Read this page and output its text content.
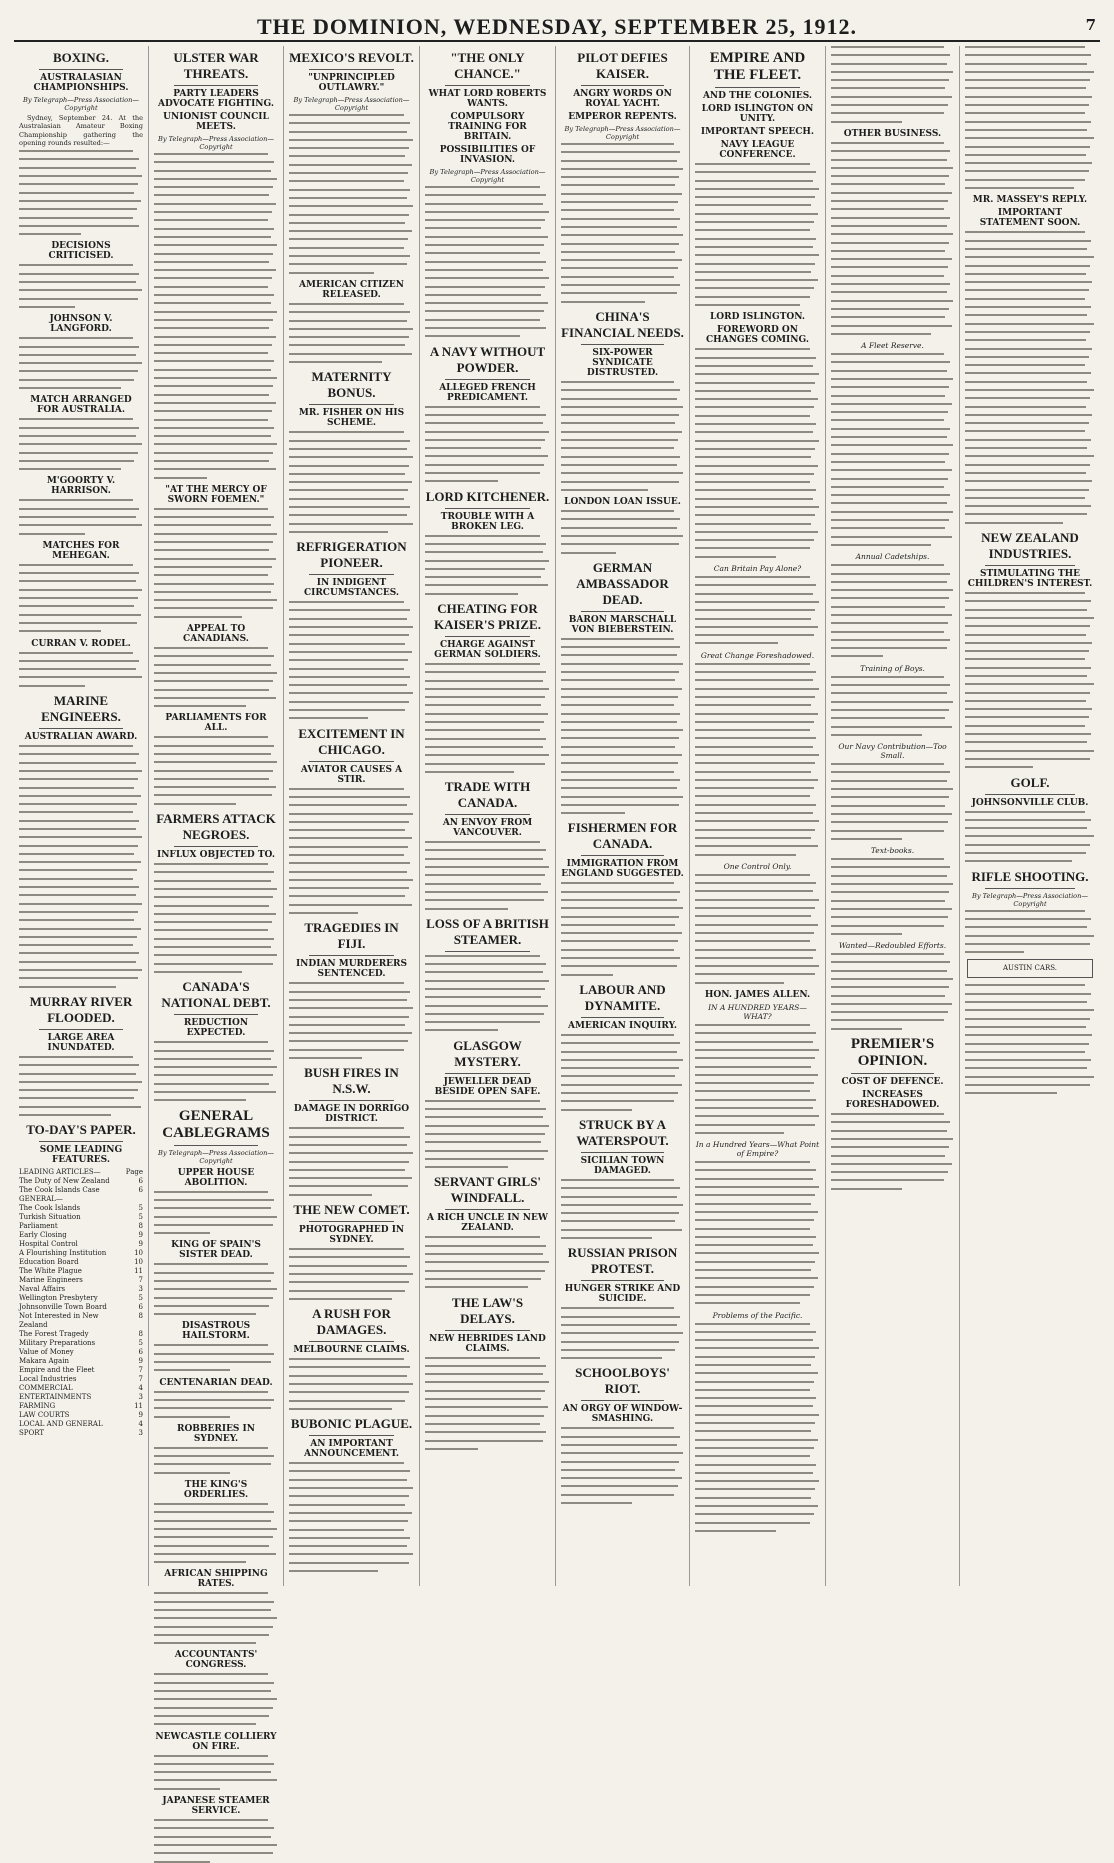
THE DOMINION, WEDNESDAY, SEPTEMBER 25, 1912.	7
BOXING.
AUSTRALASIAN CHAMPIONSHIPS.
By Telegraph—Press Association—Copyright

Sydney, September 24. At the Australasian Amateur Boxing Championship gathering the opening rounds resulted:—

DECISIONS CRITICISED.
JOHNSON V. LANGFORD.
MATCH ARRANGED FOR AUSTRALIA.
M'GOORTY V. HARRISON.
MATCHES FOR MEHEGAN.
CURRAN V. RODEL.
MARINE ENGINEERS.
AUSTRALIAN AWARD.
MURRAY RIVER FLOODED.
LARGE AREA INUNDATED.
TO-DAY'S PAPER.
SOME LEADING FEATURES.
LEADING ARTICLES—	Page
The Duty of New Zealand	6
The Cook Islands Case	6
GENERAL—
The Cook Islands	5
Turkish Situation	5
Parliament	8
Early Closing	9
Hospital Control	9
A Flourishing Institution	10
Education Board	10
The White Plague	11
Marine Engineers	7
Naval Affairs	3
Wellington Presbytery	5
Johnsonville Town Board	6
Not Interested in New Zealand
8
The Forest Tragedy	8
Military Preparations	5
Value of Money	6
Makara Again	9
Empire and the Fleet	7
Local Industries	7
COMMERCIAL	4
ENTERTAINMENTS	3
FARMING	11
LAW COURTS	9
LOCAL AND GENERAL	4
SPORT	3
ULSTER WAR THREATS.
PARTY LEADERS ADVOCATE FIGHTING.
UNIONIST COUNCIL MEETS.
By Telegraph—Press Association—Copyright
"AT THE MERCY OF SWORN FOEMEN."
APPEAL TO CANADIANS.
PARLIAMENTS FOR ALL.
FARMERS ATTACK NEGROES.
INFLUX OBJECTED TO.
CANADA'S NATIONAL DEBT.
REDUCTION EXPECTED.
GENERAL CABLEGRAMS
By Telegraph—Press Association—Copyright
UPPER HOUSE ABOLITION.
KING OF SPAIN'S SISTER DEAD.
DISASTROUS HAILSTORM.
CENTENARIAN DEAD.
ROBBERIES IN SYDNEY.
THE KING'S ORDERLIES.
AFRICAN SHIPPING RATES.
ACCOUNTANTS' CONGRESS.
NEWCASTLE COLLIERY ON FIRE.
JAPANESE STEAMER SERVICE.
MEXICO'S REVOLT.
"UNPRINCIPLED OUTLAWRY."
By Telegraph—Press Association—Copyright
AMERICAN CITIZEN RELEASED.
MATERNITY BONUS.
MR. FISHER ON HIS SCHEME.
REFRIGERATION PIONEER.
IN INDIGENT CIRCUMSTANCES.
EXCITEMENT IN CHICAGO.
AVIATOR CAUSES A STIR.
TRAGEDIES IN FIJI.
INDIAN MURDERERS SENTENCED.
BUSH FIRES IN N.S.W.
DAMAGE IN DORRIGO DISTRICT.
THE NEW COMET.
PHOTOGRAPHED IN SYDNEY.
A RUSH FOR DAMAGES.
MELBOURNE CLAIMS.
BUBONIC PLAGUE.
AN IMPORTANT ANNOUNCEMENT.
"THE ONLY CHANCE."
WHAT LORD ROBERTS WANTS.
COMPULSORY TRAINING FOR BRITAIN.
POSSIBILITIES OF INVASION.
By Telegraph—Press Association—Copyright
A NAVY WITHOUT POWDER.
ALLEGED FRENCH PREDICAMENT.
LORD KITCHENER.
TROUBLE WITH A BROKEN LEG.
CHEATING FOR KAISER'S PRIZE.
CHARGE AGAINST GERMAN SOLDIERS.
TRADE WITH CANADA.
AN ENVOY FROM VANCOUVER.
LOSS OF A BRITISH STEAMER.
GLASGOW MYSTERY.
JEWELLER DEAD BESIDE OPEN SAFE.
SERVANT GIRLS' WINDFALL.
A RICH UNCLE IN NEW ZEALAND.
THE LAW'S DELAYS.
NEW HEBRIDES LAND CLAIMS.
PILOT DEFIES KAISER.
ANGRY WORDS ON ROYAL YACHT.
EMPEROR REPENTS.
By Telegraph—Press Association—Copyright
CHINA'S FINANCIAL NEEDS.
SIX-POWER SYNDICATE DISTRUSTED.
LONDON LOAN ISSUE.
GERMAN AMBASSADOR DEAD.
BARON MARSCHALL VON BIEBERSTEIN.
FISHERMEN FOR CANADA.
IMMIGRATION FROM ENGLAND SUGGESTED.
LABOUR AND DYNAMITE.
AMERICAN INQUIRY.
STRUCK BY A WATERSPOUT.
SICILIAN TOWN DAMAGED.
RUSSIAN PRISON PROTEST.
HUNGER STRIKE AND SUICIDE.
SCHOOLBOYS' RIOT.
AN ORGY OF WINDOW-SMASHING.
EMPIRE AND THE FLEET.
AND THE COLONIES.
LORD ISLINGTON ON UNITY.
IMPORTANT SPEECH.
NAVY LEAGUE CONFERENCE.
LORD ISLINGTON.
FOREWORD ON CHANGES COMING.
Can Britain Pay Alone?
Great Change Foreshadowed.
One Control Only.
HON. JAMES ALLEN.
IN A HUNDRED YEARS—WHAT?
In a Hundred Years—What Point of Empire?
Problems of the Pacific.
OTHER BUSINESS.
A Fleet Reserve.
Annual Cadetships.
Training of Boys.
Our Navy Contribution—Too Small.
Text-books.
Wanted—Redoubled Efforts.
PREMIER'S OPINION.
COST OF DEFENCE.
INCREASES FORESHADOWED.
MR. MASSEY'S REPLY.
IMPORTANT STATEMENT SOON.
NEW ZEALAND INDUSTRIES.
STIMULATING THE CHILDREN'S INTEREST.
GOLF.
JOHNSONVILLE CLUB.
RIFLE SHOOTING.
By Telegraph—Press Association—Copyright
AUSTIN CARS.
